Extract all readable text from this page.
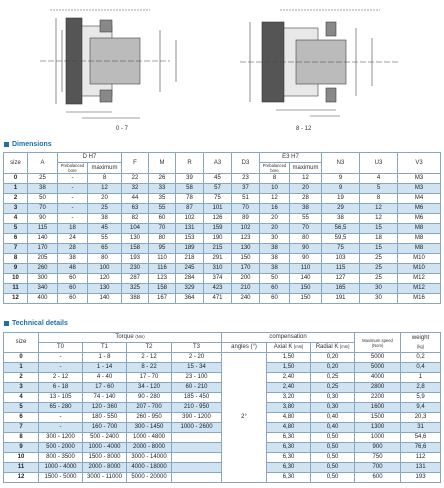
0 - 7	8 - 12
Dimensions
size	A	D H7		F	M	R	A3	D3	E3 H7		N3	U3	V3
		Prebalanced bore	maximum						Prebalanced bore	maximum			
0	25	-	8	22	26	39	45	23	8	12	9	4	M3
1	38	-	12	32	33	58	57	37	10	20	9	5	M3
2	50	-	20	44	35	78	75	51	12	28	19	8	M4
3	70	-	25	63	55	87	101	70	16	38	29	12	M6
4	90	-	38	82	60	102	126	89	20	55	38	12	M6
5	115	18	45	104	70	131	159	102	20	70	56,5	15	M8
6	140	24	55	130	80	153	190	123	30	80	59,5	18	M8
7	170	28	65	158	95	189	215	130	38	90	75	15	M8
8	205	38	80	193	110	218	291	150	38	90	103	25	M10
9	260	48	100	230	116	245	310	170	38	110	115	25	M10
10	300	60	120	287	123	284	374	200	50	140	127	25	M12
11	340	60	130	325	158	329	423	210	60	150	165	30	M12
12	400	60	140	388	167	364	471	240	60	150	191	30	M16
Technical details
size	Torque (Nm)				compensation			Maximum speed
(Nom)	weight
(kg)
	T0	T1	T2	T3	angles (°)	Axial K [mm]	Radial K [mm]		
0	-	1 - 8	2 - 12	2 - 20	2°	1,50	0,20	5000	0,2
1	-	1 - 14	8 - 22	15 - 34		1,50	0,20	5000	0,4
2	2 - 12	4 - 40	17 - 70	23 - 100		2,40	0,25	4000	1
3	6 - 18	17 - 60	34 - 120	60 - 210		2,40	0,25	2800	2,8
4	13 - 105	74 - 140	90 - 280	185 - 450		3,20	0,30	2200	5,9
5	65 - 280	120 - 360	207 - 700	210 - 950		3,80	0,30	1600	9,4
6	-	180 - 550	260 - 950	390 - 1200		4,80	0,40	1500	20,3
7	-	160 - 700	300 - 1450	1000 - 2600		4,80	0,40	1300	31
8	300 - 1200	500 - 2400	1000 - 4800			6,30	0,50	1000	54,6
9	500 - 2000	1000 - 4000	2000 - 8000			6,30	0,50	900	76,6
10	800 - 3500	1500 - 8000	3000 - 14000			6,30	0,50	750	112
11	1000 - 4000	2000 - 8000	4000 - 18000			6,30	0,50	700	131
12	1500 - 5000	3000 - 11000	5000 - 20000			6,30	0,50	600	193
